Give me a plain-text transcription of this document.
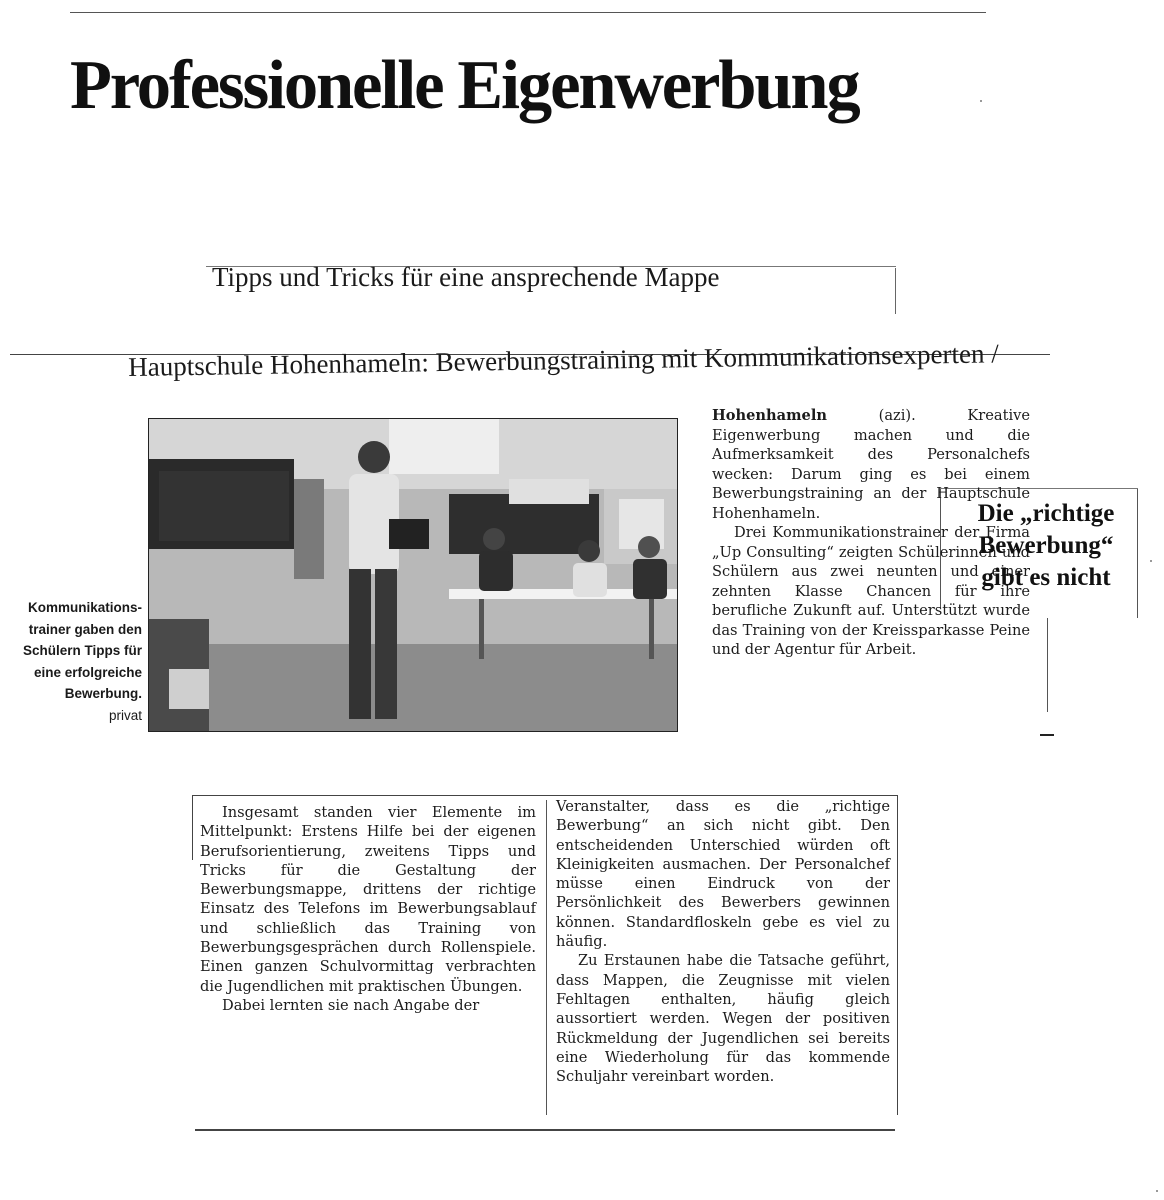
Professionelle Eigenwerbung
Tipps und Tricks für eine ansprechende Mappe
Hauptschule Hohenhameln: Bewerbungstraining mit Kommunikationsexperten /
Kommunikations-
trainer gaben den
Schülern Tipps für
eine erfolgreiche
Bewerbung.
privat

Hohenhameln (azi). Kreative Eigenwerbung machen und die Aufmerksamkeit des Personalchefs wecken: Darum ging es bei einem Bewerbungstraining an der Hauptschule Hohenhameln.

Drei Kommunikationstrainer der Firma „Up Consulting“ zeigten Schülerinnen und Schülern aus zwei neunten und einer zehnten Klasse Chancen für ihre berufliche Zukunft auf. Unterstützt wurde das Training von der Kreissparkasse Peine und der Agentur für Arbeit.

Die „richtige
Bewerbung“
gibt es nicht

Insgesamt standen vier Elemente im Mittelpunkt: Erstens Hilfe bei der eigenen Berufsorientierung, zweitens Tipps und Tricks für die Gestaltung der Bewerbungsmappe, drittens der richtige Einsatz des Telefons im Bewerbungsablauf und schließlich das Training von Bewerbungsgesprächen durch Rollenspiele. Einen ganzen Schulvormittag verbrachten die Jugendlichen mit praktischen Übungen.

Dabei lernten sie nach Angabe der

Veranstalter, dass es die „richtige Bewerbung“ an sich nicht gibt. Den entscheidenden Unterschied würden oft Kleinigkeiten ausmachen. Der Personalchef müsse einen Eindruck von der Persönlichkeit des Bewerbers gewinnen können. Standardfloskeln gebe es viel zu häufig.

Zu Erstaunen habe die Tatsache geführt, dass Mappen, die Zeugnisse mit vielen Fehltagen enthalten, häufig gleich aussortiert werden. Wegen der positiven Rückmeldung der Jugendlichen sei bereits eine Wiederholung für das kommende Schuljahr vereinbart worden.
